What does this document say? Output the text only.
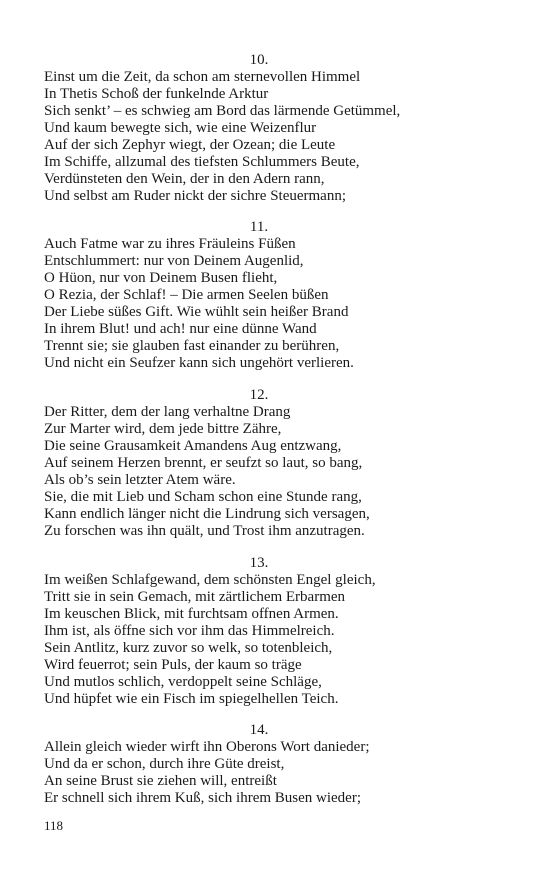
10.
Einst um die Zeit, da schon am sternevollen Himmel
In Thetis Schoß der funkelnde Arktur
Sich senkt’ – es schwieg am Bord das lärmende Getümmel,
Und kaum bewegte sich, wie eine Weizenflur
Auf der sich Zephyr wiegt, der Ozean; die Leute
Im Schiffe, allzumal des tiefsten Schlummers Beute,
Verdünsteten den Wein, der in den Adern rann,
Und selbst am Ruder nickt der sichre Steuermann;
11.
Auch Fatme war zu ihres Fräuleins Füßen
Entschlummert: nur von Deinem Augenlid,
O Hüon, nur von Deinem Busen flieht,
O Rezia, der Schlaf! – Die armen Seelen büßen
Der Liebe süßes Gift. Wie wühlt sein heißer Brand
In ihrem Blut! und ach! nur eine dünne Wand
Trennt sie; sie glauben fast einander zu berühren,
Und nicht ein Seufzer kann sich ungehört verlieren.
12.
Der Ritter, dem der lang verhaltne Drang
Zur Marter wird, dem jede bittre Zähre,
Die seine Grausamkeit Amandens Aug entzwang,
Auf seinem Herzen brennt, er seufzt so laut, so bang,
Als ob’s sein letzter Atem wäre.
Sie, die mit Lieb und Scham schon eine Stunde rang,
Kann endlich länger nicht die Lindrung sich versagen,
Zu forschen was ihn quält, und Trost ihm anzutragen.
13.
Im weißen Schlafgewand, dem schönsten Engel gleich,
Tritt sie in sein Gemach, mit zärtlichem Erbarmen
Im keuschen Blick, mit furchtsam offnen Armen.
Ihm ist, als öffne sich vor ihm das Himmelreich.
Sein Antlitz, kurz zuvor so welk, so totenbleich,
Wird feuerrot; sein Puls, der kaum so träge
Und mutlos schlich, verdoppelt seine Schläge,
Und hüpfet wie ein Fisch im spiegelhellen Teich.
14.
Allein gleich wieder wirft ihn Oberons Wort danieder;
Und da er schon, durch ihre Güte dreist,
An seine Brust sie ziehen will, entreißt
Er schnell sich ihrem Kuß, sich ihrem Busen wieder;
118
